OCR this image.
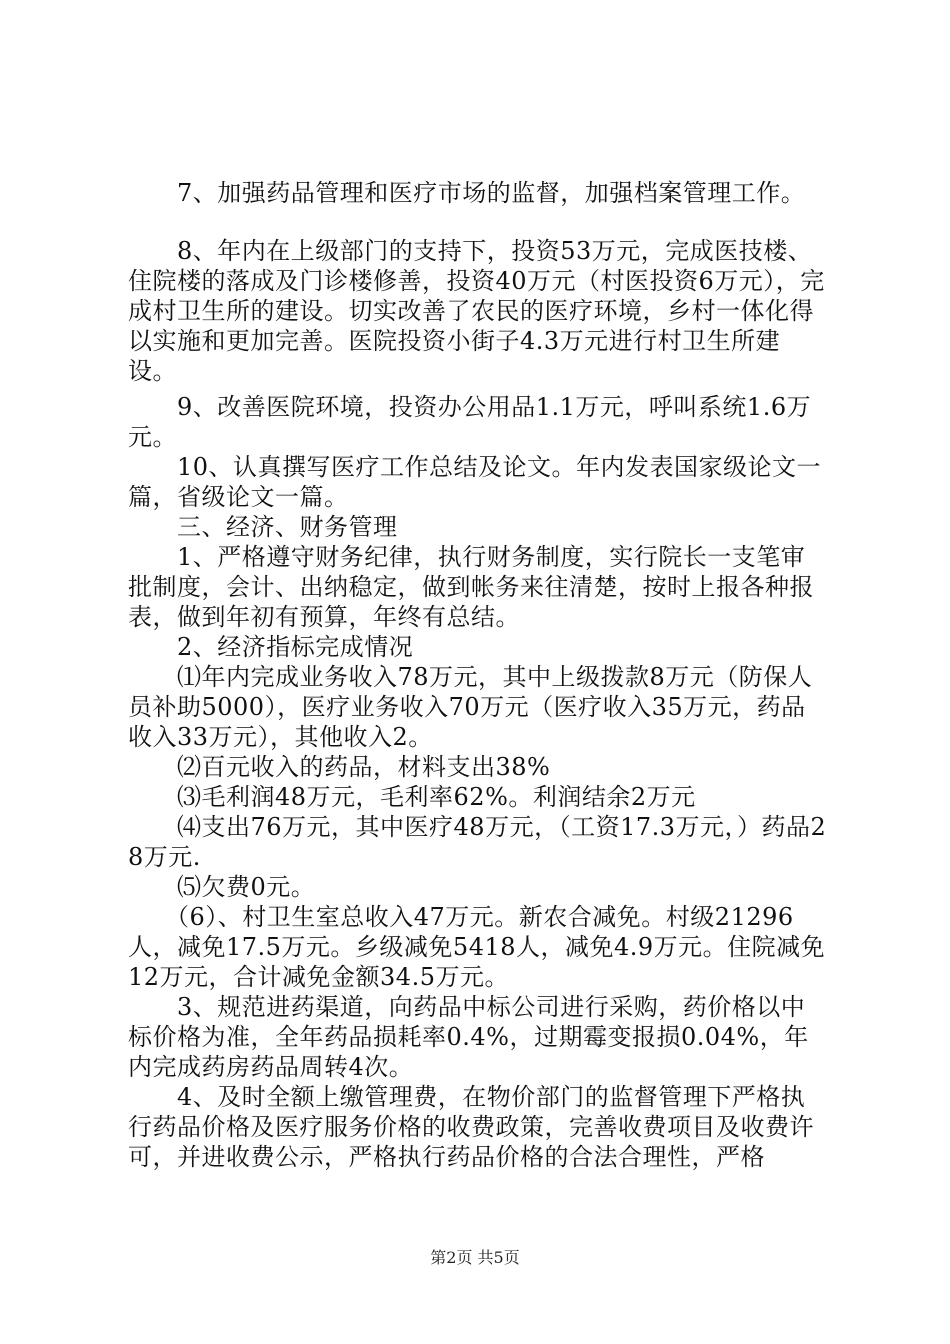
　　7、加强药品管理和医疗市场的监督，加强档案管理工作。

　　8、年内在上级部门的支持下，投资53万元，完成医技楼、住院楼的落成及门诊楼修善，投资40万元（村医投资6万元），完成村卫生所的建设。切实改善了农民的医疗环境，乡村一体化得以实施和更加完善。医院投资小街子4.3万元进行村卫生所建设。

　　9、改善医院环境，投资办公用品1.1万元，呼叫系统1.6万元。

　　10、认真撰写医疗工作总结及论文。年内发表国家级论文一篇，省级论文一篇。

　　三、经济、财务管理

　　1、严格遵守财务纪律，执行财务制度，实行院长一支笔审批制度，会计、出纳稳定，做到帐务来往清楚，按时上报各种报表，做到年初有预算，年终有总结。

　　2、经济指标完成情况

　　⑴年内完成业务收入78万元，其中上级拨款8万元（防保人员补助5000），医疗业务收入70万元（医疗收入35万元，药品收入33万元），其他收入2。

　　⑵百元收入的药品，材料支出38%

　　⑶毛利润48万元，毛利率62%。利润结余2万元

　　⑷支出76万元，其中医疗48万元，（工资17.3万元，）药品28万元.

　　⑸欠费0元。

　　（6）、村卫生室总收入47万元。新农合减免。村级21296人，减免17.5万元。乡级减免5418人，减免4.9万元。住院减免12万元，合计减免金额34.5万元。

　　3、规范进药渠道，向药品中标公司进行采购，药价格以中标价格为准，全年药品损耗率0.4%，过期霉变报损0.04%，年内完成药房药品周转4次。

　　4、及时全额上缴管理费，在物价部门的监督管理下严格执行药品价格及医疗服务价格的收费政策，完善收费项目及收费许可，并进收费公示，严格执行药品价格的合法合理性，严格

第2页 共5页
